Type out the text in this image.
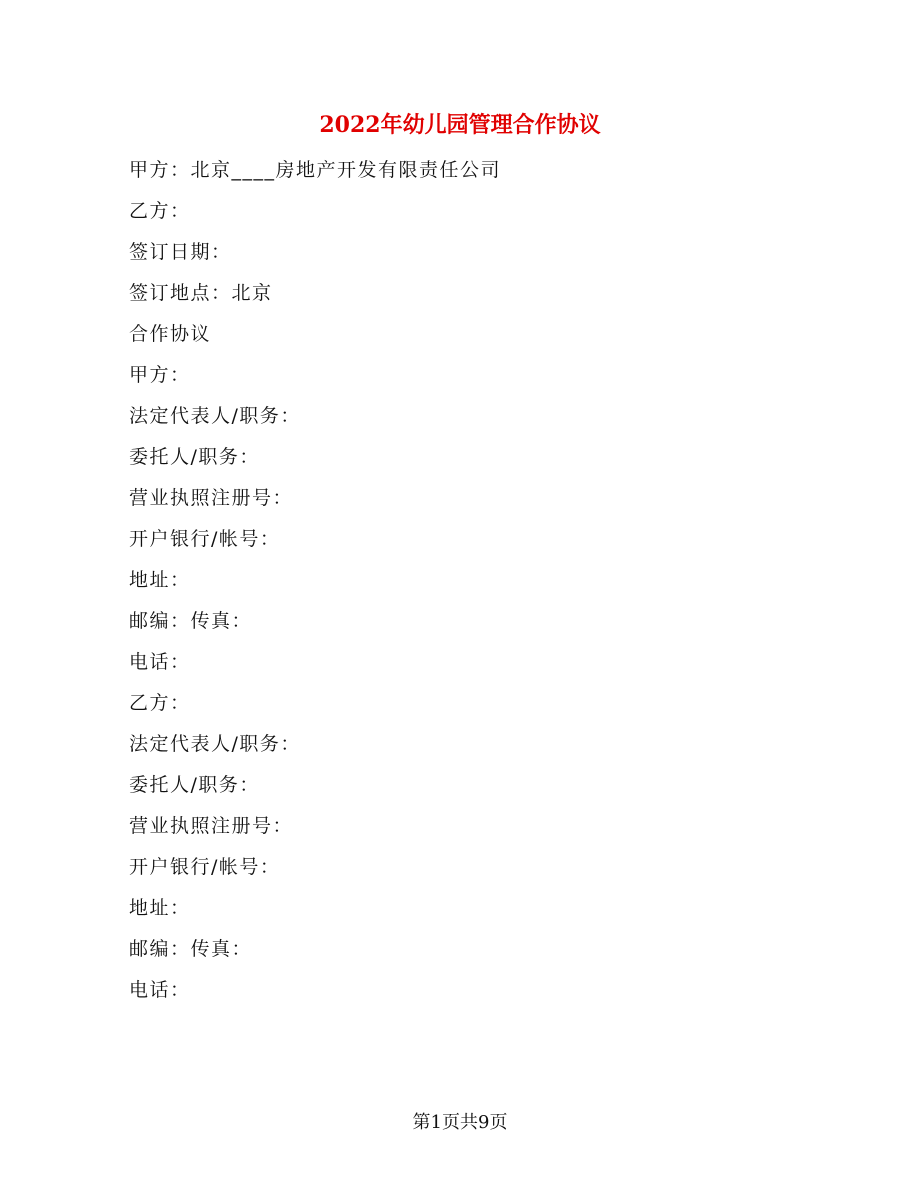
2022年幼儿园管理合作协议
甲方：北京____房地产开发有限责任公司
乙方：
签订日期：
签订地点：北京
合作协议
甲方：
法定代表人/职务：
委托人/职务：
营业执照注册号：
开户银行/帐号：
地址：
邮编：传真：
电话：
乙方：
法定代表人/职务：
委托人/职务：
营业执照注册号：
开户银行/帐号：
地址：
邮编：传真：
电话：
第1页共9页
